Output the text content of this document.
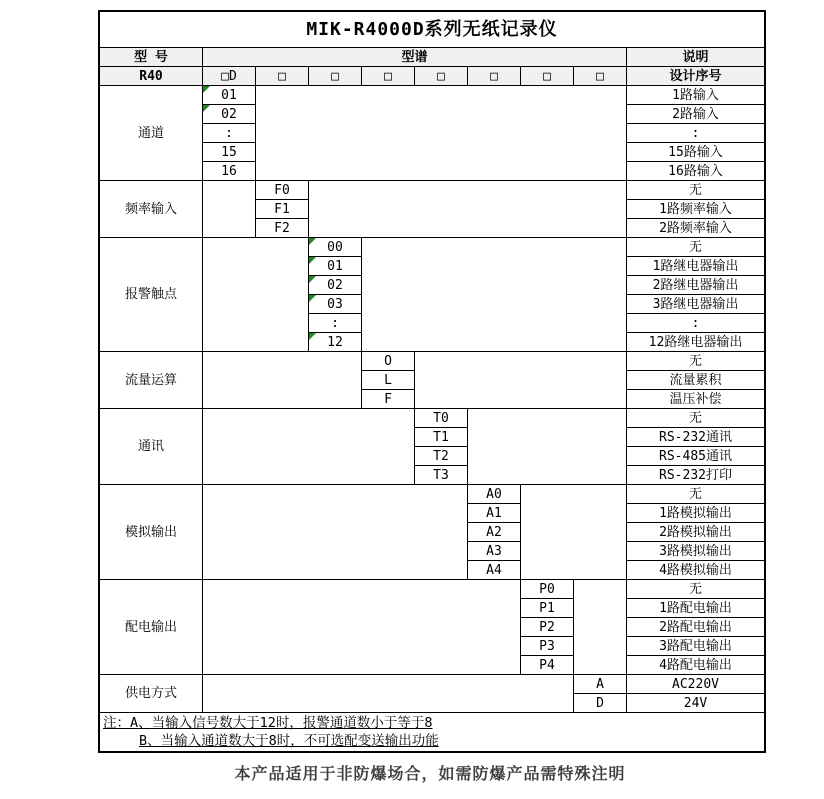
MIK-R4000D系列无纸记录仪
型 号	型谱	说明
R40	□D	□	□	□	□	□	□	□	设计序号
注：A、当输入信号数大于12时，报警通道数小于等于8
B、当输入通道数大于8时，不可选配变送输出功能
通道
01	1路输入
02	2路输入
:	:
15	15路输入
16	16路输入
频率输入
F0	无
F1	1路频率输入
F2	2路频率输入
报警触点
00	无
01	1路继电器输出
02	2路继电器输出
03	3路继电器输出
:	:
12	12路继电器输出
流量运算
O	无
L	流量累积
F	温压补偿
通讯
T0	无
T1	RS-232通讯
T2	RS-485通讯
T3	RS-232打印
模拟输出
A0	无
A1	1路模拟输出
A2	2路模拟输出
A3	3路模拟输出
A4	4路模拟输出
配电输出
P0	无
P1	1路配电输出
P2	2路配电输出
P3	3路配电输出
P4	4路配电输出
供电方式
A	AC220V
D	24V
本产品适用于非防爆场合，如需防爆产品需特殊注明
